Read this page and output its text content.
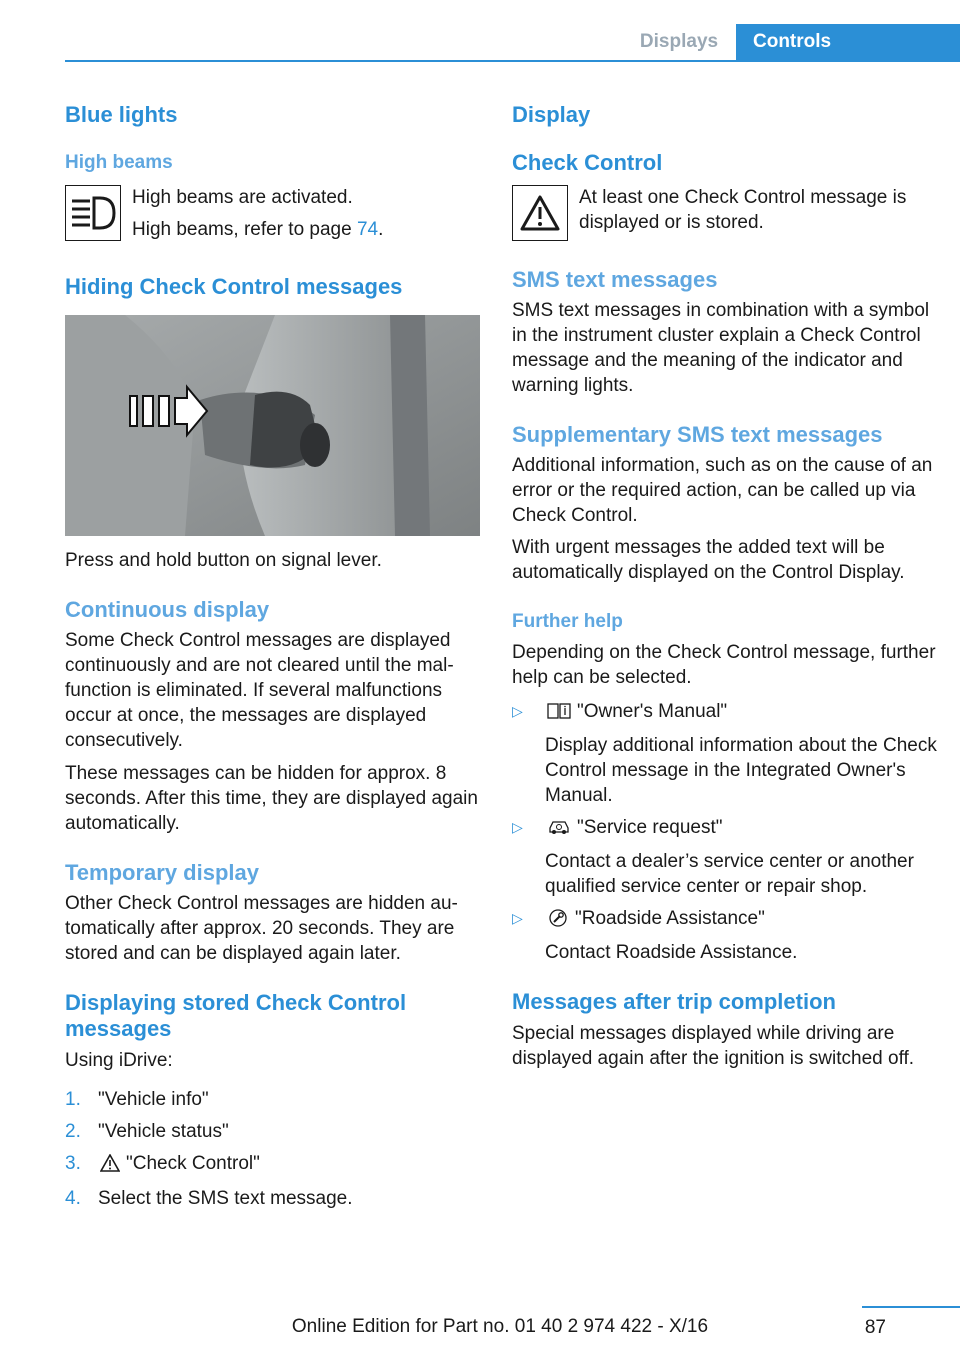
Displays	Controls
Blue lights
High beams
High beams are activated.
High beams, refer to page 74.
Hiding Check Control messages
Press and hold button on signal lever.
Continuous display
Some Check Control messages are displayed continuously and are not cleared until the malfunction is eliminated. If several malfunctions occur at once, the messages are displayed consecutively.
These messages can be hidden for approx. 8 seconds. After this time, they are displayed again automatically.
Temporary display
Other Check Control messages are hidden automatically after approx. 20 seconds. They are stored and can be displayed again later.
Displaying stored Check Control messages
Using iDrive:
1. "Vehicle info"
2. "Vehicle status"
3.	"Check Control"
4. Select the SMS text message.
Display
Check Control
At least one Check Control message is displayed or is stored.
SMS text messages
SMS text messages in combination with a symbol in the instrument cluster explain a Check Control message and the meaning of the indicator and warning lights.
Supplementary SMS text messages
Additional information, such as on the cause of an error or the required action, can be called up via Check Control.
With urgent messages the added text will be automatically displayed on the Control Display.
Further help
Depending on the Check Control message, further help can be selected.
▷	"Owner's Manual"
Display additional information about the Check Control message in the Integrated Owner's Manual.
▷	"Service request"
Contact a dealer’s service center or another qualified service center or repair shop.
▷	"Roadside Assistance"
Contact Roadside Assistance.
Messages after trip completion
Special messages displayed while driving are displayed again after the ignition is switched off.
Online Edition for Part no. 01 40 2 974 422 - X/16	87
